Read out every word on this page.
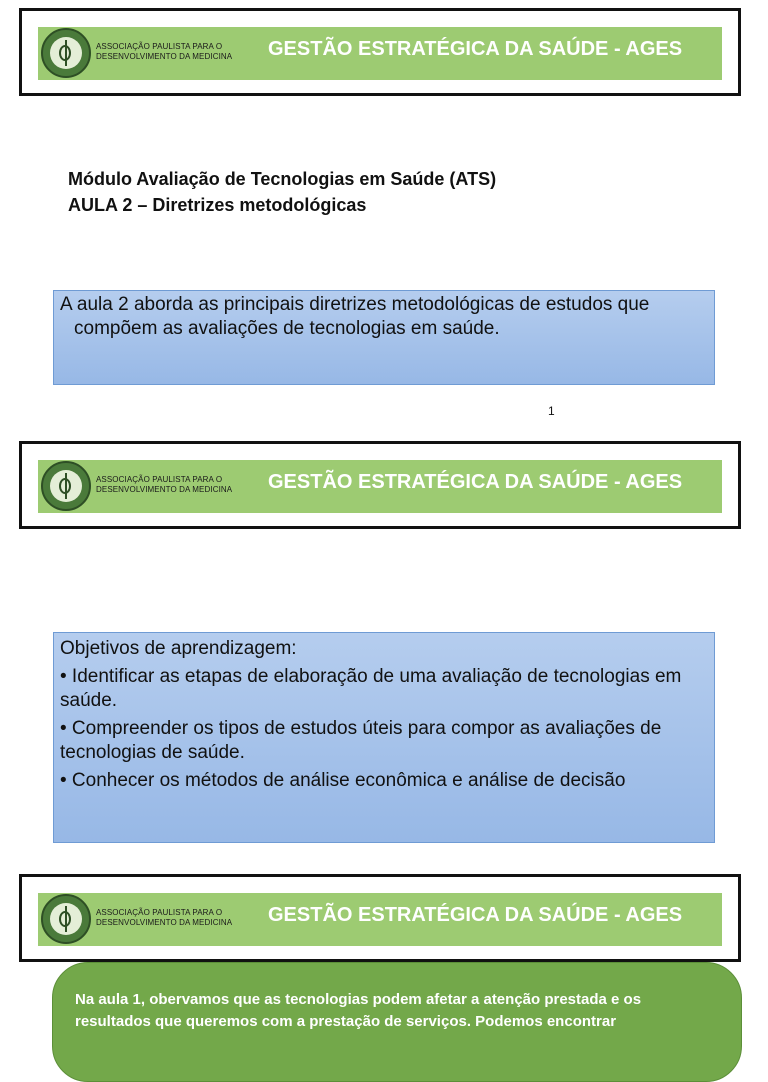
ASSOCIAÇÃO PAULISTA PARA O
DESENVOLVIMENTO DA MEDICINA GESTÃO ESTRATÉGICA DA SAÚDE - AGES
Módulo Avaliação de Tecnologias em Saúde (ATS)
AULA 2 – Diretrizes metodológicas
A aula 2 aborda as principais diretrizes metodológicas de estudos que compõem as avaliações de tecnologias em saúde.
1
ASSOCIAÇÃO PAULISTA PARA O
DESENVOLVIMENTO DA MEDICINA GESTÃO ESTRATÉGICA DA SAÚDE - AGES

Objetivos de aprendizagem:

• Identificar as etapas de elaboração de uma avaliação de tecnologias em saúde.

• Compreender os tipos de estudos úteis para compor as avaliações de tecnologias de saúde.

• Conhecer os métodos de análise econômica e análise de decisão

ASSOCIAÇÃO PAULISTA PARA O
DESENVOLVIMENTO DA MEDICINA GESTÃO ESTRATÉGICA DA SAÚDE - AGES
Na aula 1, obervamos que as tecnologias podem afetar a atenção prestada e os resultados que queremos com a prestação de serviços. Podemos encontrar
